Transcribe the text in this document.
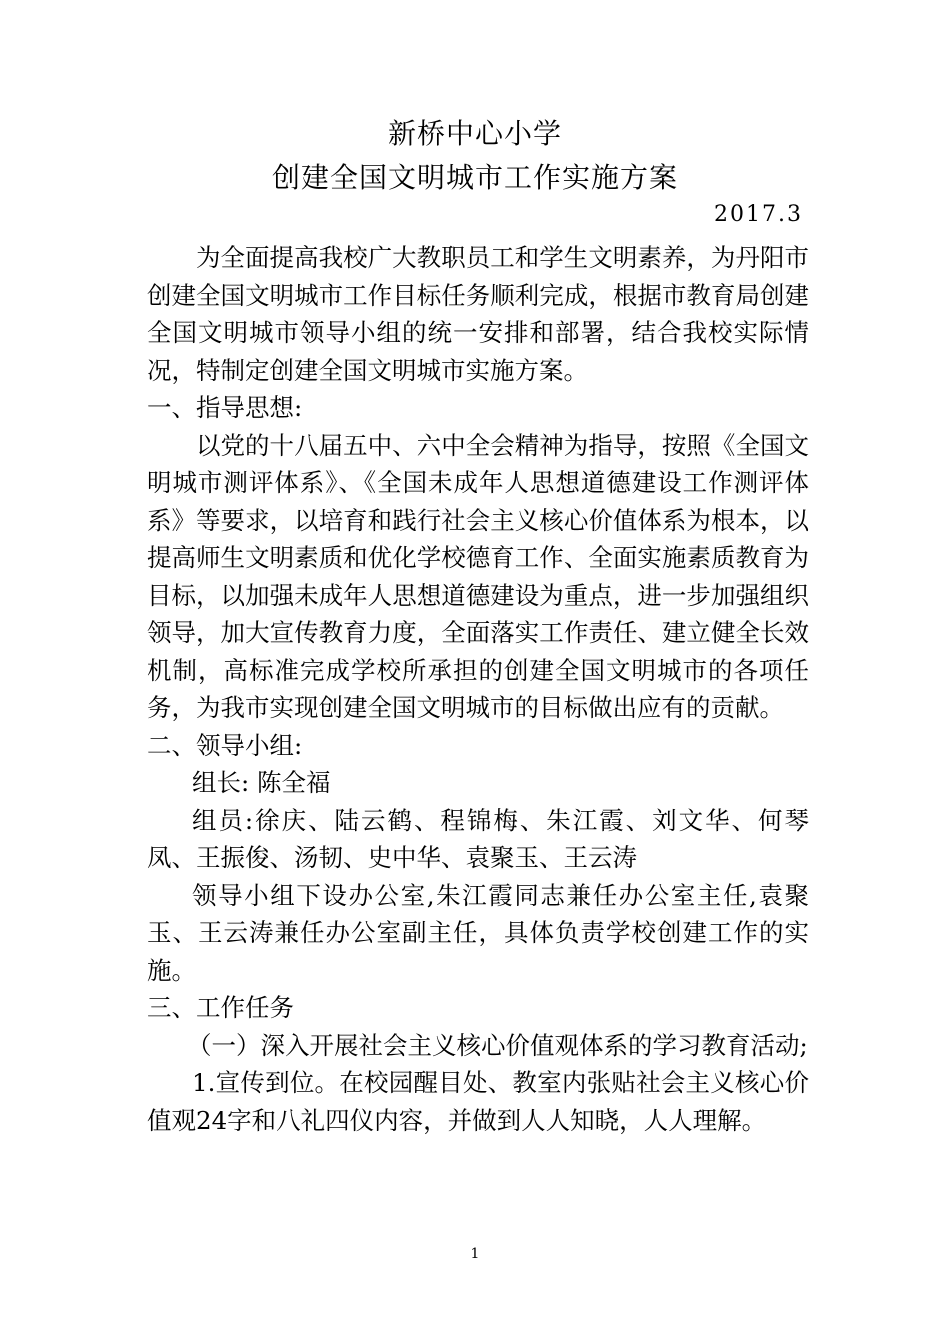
新桥中心小学
创建全国文明城市工作实施方案
2017.3

为全面提高我校广大教职员工和学生文明素养，为丹阳市创建全国文明城市工作目标任务顺利完成，根据市教育局创建全国文明城市领导小组的统一安排和部署，结合我校实际情况，特制定创建全国文明城市实施方案。

一、指导思想:

以党的十八届五中、六中全会精神为指导，按照《全国文明城市测评体系》、《全国未成年人思想道德建设工作测评体系》等要求，以培育和践行社会主义核心价值体系为根本，以提高师生文明素质和优化学校德育工作、全面实施素质教育为目标，以加强未成年人思想道德建设为重点，进一步加强组织领导，加大宣传教育力度，全面落实工作责任、建立健全长效机制，高标准完成学校所承担的创建全国文明城市的各项任务，为我市实现创建全国文明城市的目标做出应有的贡献。

二、领导小组:

组长: 陈全福

组员:徐庆、陆云鹤、程锦梅、朱江霞、刘文华、何琴凤、王振俊、汤韧、史中华、袁聚玉、王云涛

领导小组下设办公室,朱江霞同志兼任办公室主任,袁聚玉、王云涛兼任办公室副主任，具体负责学校创建工作的实施。

三、工作任务

（一）深入开展社会主义核心价值观体系的学习教育活动;

1.宣传到位。在校园醒目处、教室内张贴社会主义核心价值观24字和八礼四仪内容，并做到人人知晓，人人理解。

1
